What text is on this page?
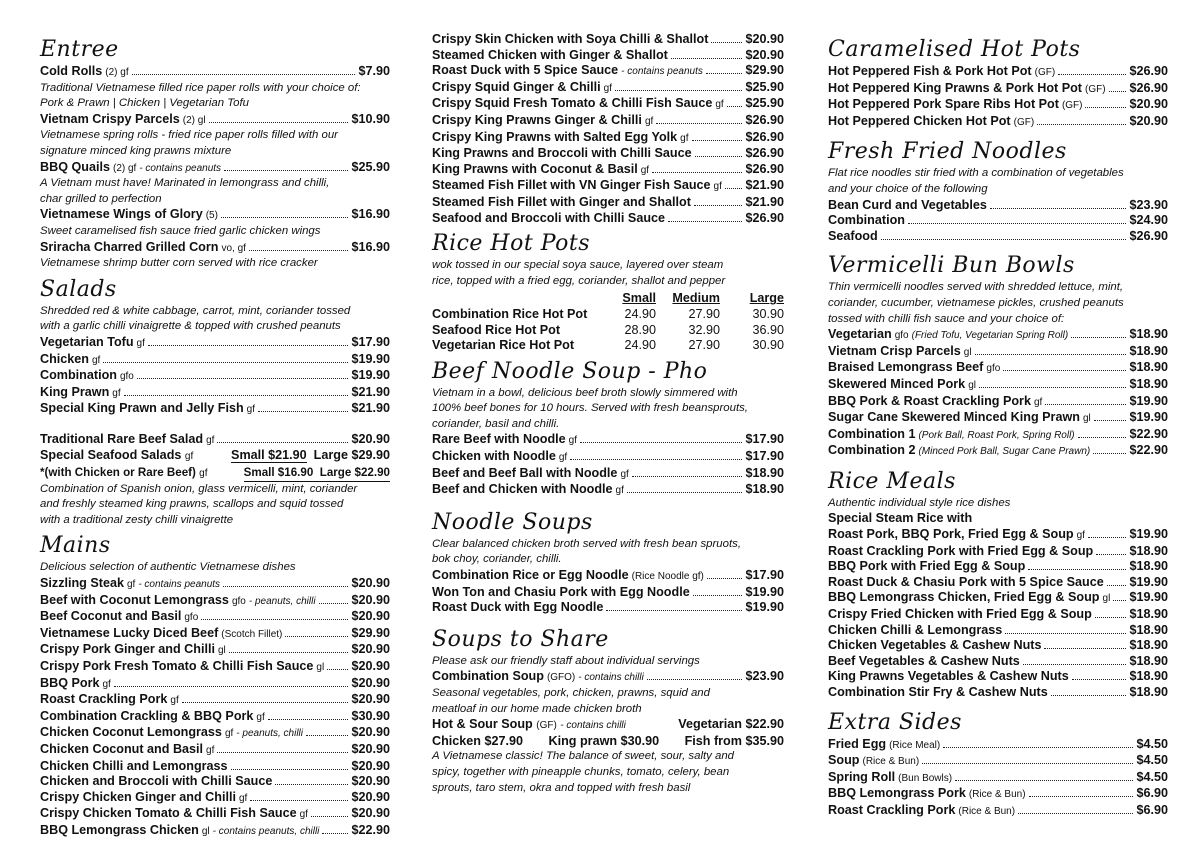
Entree
Cold Rolls (2) gf	$7.90
Traditional Vietnamese filled rice paper rolls with your choice of:
Pork & Prawn | Chicken | Vegetarian Tofu
Vietnam Crispy Parcels (2) gl	$10.90
Vietnamese spring rolls - fried rice paper rolls filled with our
signature minced king prawns mixture
BBQ Quails (2) gf - contains peanuts	$25.90
A Vietnam must have! Marinated in lemongrass and chilli,
char grilled to perfection
Vietnamese Wings of Glory (5)	$16.90
Sweet caramelised fish sauce fried garlic chicken wings
Sriracha Charred Grilled Corn vo, gf	$16.90
Vietnamese shrimp butter corn served with rice cracker
Salads
Shredded red & white cabbage, carrot, mint, coriander tossed
with a garlic chilli vinaigrette & topped with crushed peanuts
Vegetarian Tofu gf	$17.90
Chicken gf	$19.90
Combination gfo	$19.90
King Prawn gf	$21.90
Special King Prawn and Jelly Fish gf	$21.90
Traditional Rare Beef Salad gf	$20.90
Special Seafood Salads gf	Small $21.90 Large $29.90
*(with Chicken or Rare Beef) gf	Small $16.90 Large $22.90
Combination of Spanish onion, glass vermicelli, mint, coriander
and freshly steamed king prawns, scallops and squid tossed
with a traditional zesty chilli vinaigrette
Mains
Delicious selection of authentic Vietnamese dishes
Sizzling Steak gf - contains peanuts	$20.90
Beef with Coconut Lemongrass gfo - peanuts, chilli	$20.90
Beef Coconut and Basil gfo	$20.90
Vietnamese Lucky Diced Beef (Scotch Fillet)	$29.90
Crispy Pork Ginger and Chilli gl	$20.90
Crispy Pork Fresh Tomato & Chilli Fish Sauce gl $20.90
BBQ Pork gf	$20.90
Roast Crackling Pork gf	$20.90
Combination Crackling & BBQ Pork gf	$30.90
Chicken Coconut Lemongrass gf - peanuts, chilli	$20.90
Chicken Coconut and Basil gf	$20.90
Chicken Chilli and Lemongrass	$20.90
Chicken and Broccoli with Chilli Sauce	$20.90
Crispy Chicken Ginger and Chilli gf	$20.90
Crispy Chicken Tomato & Chilli Fish Sauce gf	$20.90
BBQ Lemongrass Chicken gl - contains peanuts, chilli	$22.90
Crispy Skin Chicken with Soya Chilli & Shallot	$20.90
Steamed Chicken with Ginger & Shallot	$20.90
Roast Duck with 5 Spice Sauce - contains peanuts	$29.90
Crispy Squid Ginger & Chilli gf	$25.90
Crispy Squid Fresh Tomato & Chilli Fish Sauce gf $25.90
Crispy King Prawns Ginger & Chilli gf	$26.90
Crispy King Prawns with Salted Egg Yolk gf	$26.90
King Prawns and Broccoli with Chilli Sauce	$26.90
King Prawns with Coconut & Basil gf	$26.90
Steamed Fish Fillet with VN Ginger Fish Sauce gf $21.90
Steamed Fish Fillet with Ginger and Shallot	$21.90
Seafood and Broccoli with Chilli Sauce	$26.90
Rice Hot Pots
wok tossed in our special soya sauce, layered over steam
rice, topped with a fried egg, coriander, shallot and pepper
Small	Medium	Large
Combination Rice Hot Pot	24.90	27.90	30.90
Seafood Rice Hot Pot	28.90	32.90	36.90
Vegetarian Rice Hot Pot	24.90	27.90	30.90
Beef Noodle Soup - Pho
Vietnam in a bowl, delicious beef broth slowly simmered with
100% beef bones for 10 hours. Served with fresh beansprouts,
coriander, basil and chilli.
Rare Beef with Noodle gf	$17.90
Chicken with Noodle gf	$17.90
Beef and Beef Ball with Noodle gf	$18.90
Beef and Chicken with Noodle gf	$18.90
Noodle Soups
Clear balanced chicken broth served with fresh bean spruots,
bok choy, coriander, chilli.
Combination Rice or Egg Noodle (Rice Noodle gf)	$17.90
Won Ton and Chasiu Pork with Egg Noodle	$19.90
Roast Duck with Egg Noodle	$19.90
Soups to Share
Please ask our friendly staff about individual servings
Combination Soup (GFO) - contains chilli	$23.90
Seasonal vegetables, pork, chicken, prawns, squid and
meatloaf in our home made chicken broth
Hot & Sour Soup (GF) - contains chilli	Vegetarian $22.90
Chicken $27.90 King prawn $30.90 Fish from $35.90
A Vietnamese classic! The balance of sweet, sour, salty and
spicy, together with pineapple chunks, tomato, celery, bean
sprouts, taro stem, okra and topped with fresh basil
Caramelised Hot Pots
Hot Peppered Fish & Pork Hot Pot (GF)	$26.90
Hot Peppered King Prawns & Pork Hot Pot (GF) $26.90
Hot Peppered Pork Spare Ribs Hot Pot (GF)	$20.90
Hot Peppered Chicken Hot Pot (GF)	$20.90
Fresh Fried Noodles
Flat rice noodles stir fried with a combination of vegetables
and your choice of the following
Bean Curd and Vegetables	$23.90
Combination	$24.90
Seafood	$26.90
Vermicelli Bun Bowls
Thin vermicelli noodles served with shredded lettuce, mint,
coriander, cucumber, vietnamese pickles, crushed peanuts
tossed with chilli fish sauce and your choice of:
Vegetarian gfo (Fried Tofu, Vegetarian Spring Roll)	$18.90
Vietnam Crisp Parcels gl	$18.90
Braised Lemongrass Beef gfo	$18.90
Skewered Minced Pork gl	$18.90
BBQ Pork & Roast Crackling Pork gf	$19.90
Sugar Cane Skewered Minced King Prawn gl	$19.90
Combination 1 (Pork Ball, Roast Pork, Spring Roll)	$22.90
Combination 2 (Minced Pork Ball, Sugar Cane Prawn)	$22.90
Rice Meals
Authentic individual style rice dishes
Special Steam Rice with
Roast Pork, BBQ Pork, Fried Egg & Soup gf	$19.90
Roast Crackling Pork with Fried Egg & Soup	$18.90
BBQ Pork with Fried Egg & Soup	$18.90
Roast Duck & Chasiu Pork with 5 Spice Sauce $19.90
BBQ Lemongrass Chicken, Fried Egg & Soup gl $19.90
Crispy Fried Chicken with Fried Egg & Soup	$18.90
Chicken Chilli & Lemongrass	$18.90
Chicken Vegetables & Cashew Nuts	$18.90
Beef Vegetables & Cashew Nuts	$18.90
King Prawns Vegetables & Cashew Nuts	$18.90
Combination Stir Fry & Cashew Nuts	$18.90
Extra Sides
Fried Egg (Rice Meal)	$4.50
Soup (Rice & Bun)	$4.50
Spring Roll (Bun Bowls)	$4.50
BBQ Lemongrass Pork (Rice & Bun)	$6.90
Roast Crackling Pork (Rice & Bun)	$6.90
